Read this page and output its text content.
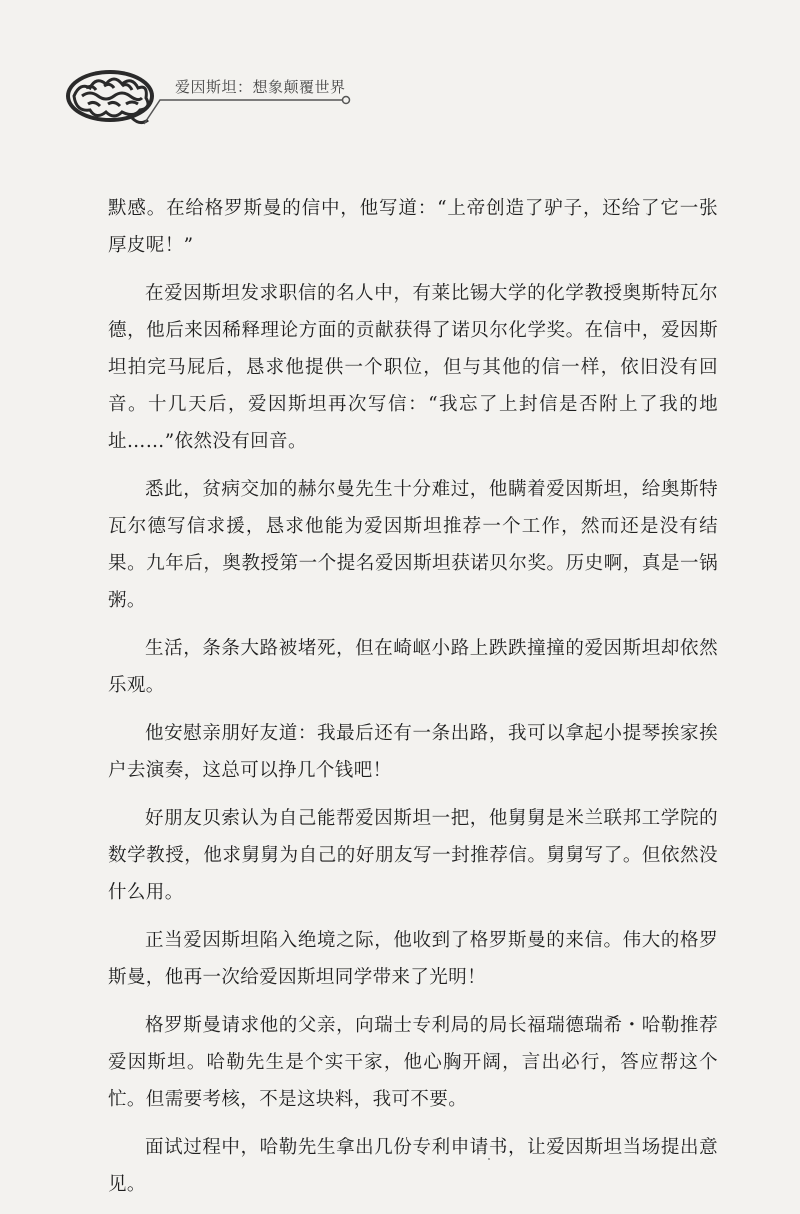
爱因斯坦：想象颠覆世界

默感。在给格罗斯曼的信中，他写道：“上帝创造了驴子，还给了它一张厚皮呢！”

在爱因斯坦发求职信的名人中，有莱比锡大学的化学教授奥斯特瓦尔德，他后来因稀释理论方面的贡献获得了诺贝尔化学奖。在信中，爱因斯坦拍完马屁后，恳求他提供一个职位，但与其他的信一样，依旧没有回音。十几天后，爱因斯坦再次写信：“我忘了上封信是否附上了我的地址……”依然没有回音。

悉此，贫病交加的赫尔曼先生十分难过，他瞒着爱因斯坦，给奥斯特瓦尔德写信求援，恳求他能为爱因斯坦推荐一个工作，然而还是没有结果。九年后，奥教授第一个提名爱因斯坦获诺贝尔奖。历史啊，真是一锅粥。

生活，条条大路被堵死，但在崎岖小路上跌跌撞撞的爱因斯坦却依然乐观。

他安慰亲朋好友道：我最后还有一条出路，我可以拿起小提琴挨家挨户去演奏，这总可以挣几个钱吧！

好朋友贝索认为自己能帮爱因斯坦一把，他舅舅是米兰联邦工学院的数学教授，他求舅舅为自己的好朋友写一封推荐信。舅舅写了。但依然没什么用。

正当爱因斯坦陷入绝境之际，他收到了格罗斯曼的来信。伟大的格罗斯曼，他再一次给爱因斯坦同学带来了光明！

格罗斯曼请求他的父亲，向瑞士专利局的局长福瑞德瑞希・哈勒推荐爱因斯坦。哈勒先生是个实干家，他心胸开阔，言出必行，答应帮这个忙。但需要考核，不是这块料，我可不要。

面试过程中，哈勒先生拿出几份专利申请书，让爱因斯坦当场提出意见。
